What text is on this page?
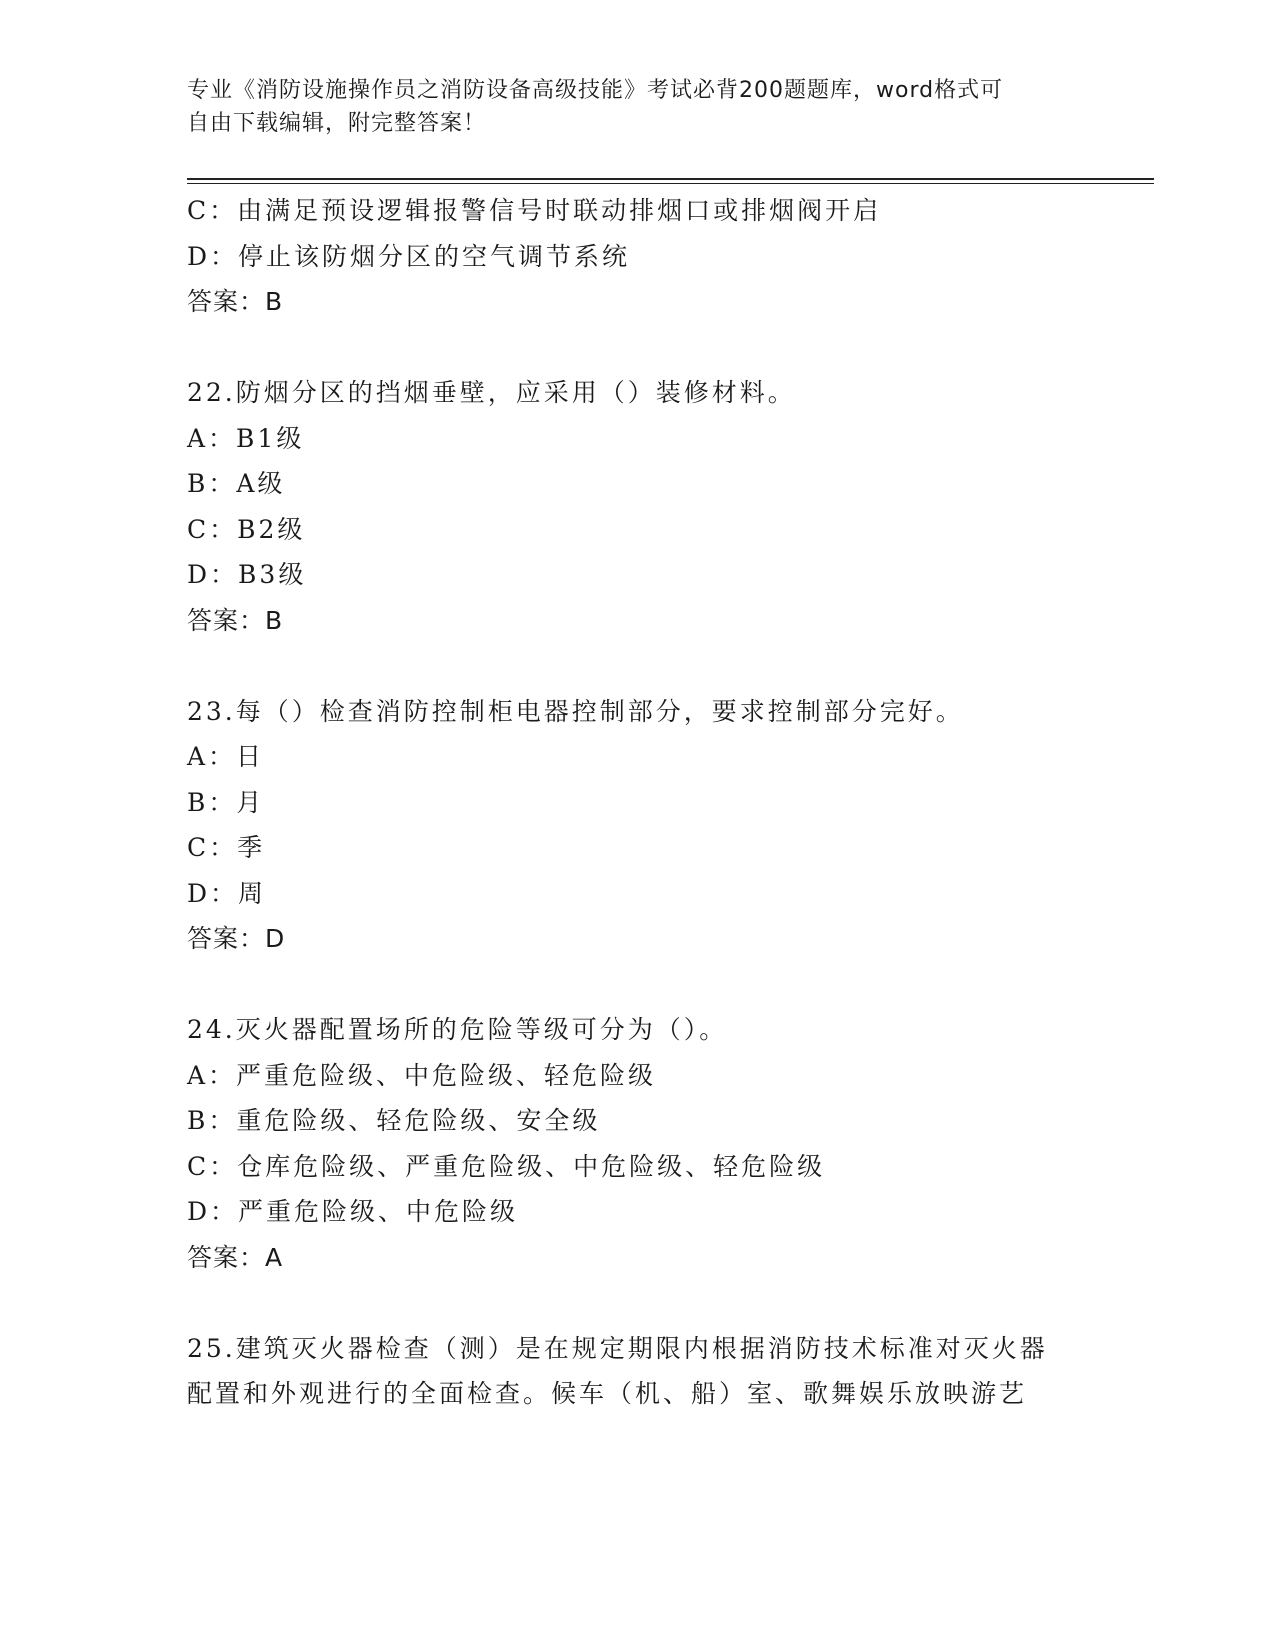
专业《消防设施操作员之消防设备高级技能》考试必背200题题库，word格式可
自由下载编辑，附完整答案！
C：由满足预设逻辑报警信号时联动排烟口或排烟阀开启
D：停止该防烟分区的空气调节系统
答案：B
22.防烟分区的挡烟垂壁，应采用（）装修材料。
A：B1级
B：A级
C：B2级
D：B3级
答案：B
23.每（）检查消防控制柜电器控制部分，要求控制部分完好。
A：日
B：月
C：季
D：周
答案：D
24.灭火器配置场所的危险等级可分为（）。
A：严重危险级、中危险级、轻危险级
B：重危险级、轻危险级、安全级
C：仓库危险级、严重危险级、中危险级、轻危险级
D：严重危险级、中危险级
答案：A
25.建筑灭火器检查（测）是在规定期限内根据消防技术标准对灭火器
配置和外观进行的全面检查。候车（机、船）室、歌舞娱乐放映游艺
